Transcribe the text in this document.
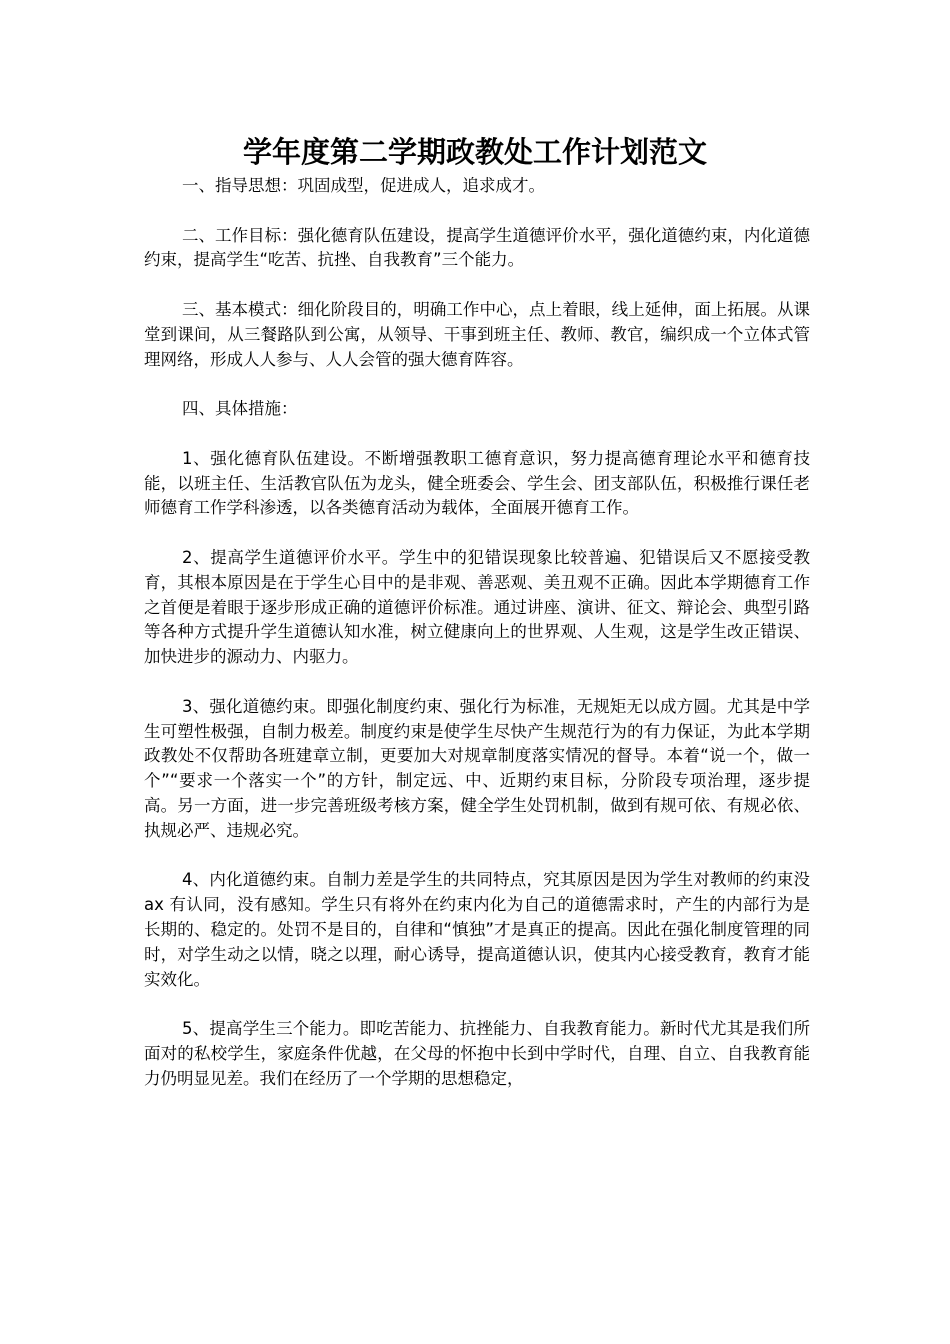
学年度第二学期政教处工作计划范文

一、指导思想：巩固成型，促进成人，追求成才。

二、工作目标：强化德育队伍建设，提高学生道德评价水平，强化道德约束，内化道德约束，提高学生“吃苦、抗挫、自我教育”三个能力。

三、基本模式：细化阶段目的，明确工作中心，点上着眼，线上延伸，面上拓展。从课堂到课间，从三餐路队到公寓，从领导、干事到班主任、教师、教官，编织成一个立体式管理网络，形成人人参与、人人会管的强大德育阵容。

四、具体措施：

1、强化德育队伍建设。不断增强教职工德育意识，努力提高德育理论水平和德育技能，以班主任、生活教官队伍为龙头，健全班委会、学生会、团支部队伍，积极推行课任老师德育工作学科渗透，以各类德育活动为载体，全面展开德育工作。

2、提高学生道德评价水平。学生中的犯错误现象比较普遍、犯错误后又不愿接受教育，其根本原因是在于学生心目中的是非观、善恶观、美丑观不正确。因此本学期德育工作之首便是着眼于逐步形成正确的道德评价标准。通过讲座、演讲、征文、辩论会、典型引路等各种方式提升学生道德认知水准，树立健康向上的世界观、人生观，这是学生改正错误、加快进步的源动力、内驱力。

3、强化道德约束。即强化制度约束、强化行为标准，无规矩无以成方圆。尤其是中学生可塑性极强，自制力极差。制度约束是使学生尽快产生规范行为的有力保证，为此本学期政教处不仅帮助各班建章立制，更要加大对规章制度落实情况的督导。本着“说一个，做一个”“要求一个落实一个”的方针，制定远、中、近期约束目标，分阶段专项治理，逐步提高。另一方面，进一步完善班级考核方案，健全学生处罚机制，做到有规可依、有规必依、执规必严、违规必究。

4、内化道德约束。自制力差是学生的共同特点，究其原因是因为学生对教师的约束没 ax 有认同，没有感知。学生只有将外在约束内化为自己的道德需求时，产生的内部行为是长期的、稳定的。处罚不是目的，自律和“慎独”才是真正的提高。因此在强化制度管理的同时，对学生动之以情，晓之以理，耐心诱导，提高道德认识，使其内心接受教育，教育才能实效化。

5、提高学生三个能力。即吃苦能力、抗挫能力、自我教育能力。新时代尤其是我们所面对的私校学生，家庭条件优越，在父母的怀抱中长到中学时代，自理、自立、自我教育能力仍明显见差。我们在经历了一个学期的思想稳定，
